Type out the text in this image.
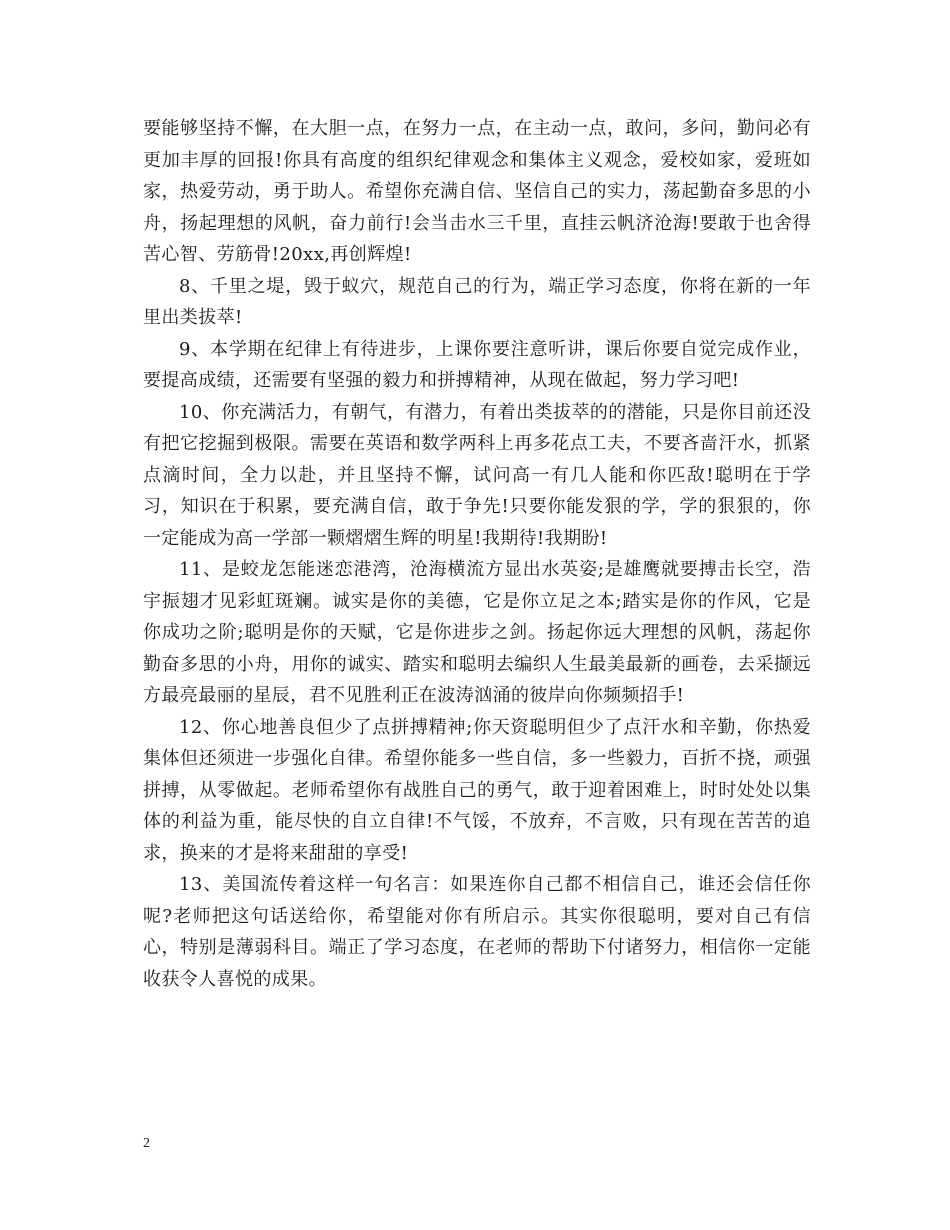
要能够坚持不懈，在大胆一点，在努力一点，在主动一点，敢问，多问，勤问必有更加丰厚的回报!你具有高度的组织纪律观念和集体主义观念，爱校如家，爱班如家，热爱劳动，勇于助人。希望你充满自信、坚信自己的实力，荡起勤奋多思的小舟，扬起理想的风帆，奋力前行!会当击水三千里，直挂云帆济沧海!要敢于也舍得苦心智、劳筋骨!20xx,再创辉煌!

8、千里之堤，毁于蚁穴，规范自己的行为，端正学习态度，你将在新的一年里出类拔萃!

9、本学期在纪律上有待进步，上课你要注意听讲，课后你要自觉完成作业，要提高成绩，还需要有坚强的毅力和拼搏精神，从现在做起，努力学习吧!

10、你充满活力，有朝气，有潜力，有着出类拔萃的的潜能，只是你目前还没有把它挖掘到极限。需要在英语和数学两科上再多花点工夫，不要吝啬汗水，抓紧点滴时间，全力以赴，并且坚持不懈，试问高一有几人能和你匹敌!聪明在于学习，知识在于积累，要充满自信，敢于争先!只要你能发狠的学，学的狠狠的，你一定能成为高一学部一颗熠熠生辉的明星!我期待!我期盼!

11、是蛟龙怎能迷恋港湾，沧海横流方显出水英姿;是雄鹰就要搏击长空，浩宇振翅才见彩虹斑斓。诚实是你的美德，它是你立足之本;踏实是你的作风，它是你成功之阶;聪明是你的天赋，它是你进步之剑。扬起你远大理想的风帆，荡起你勤奋多思的小舟，用你的诚实、踏实和聪明去编织人生最美最新的画卷，去采撷远方最亮最丽的星辰，君不见胜利正在波涛汹涌的彼岸向你频频招手!

12、你心地善良但少了点拼搏精神;你天资聪明但少了点汗水和辛勤，你热爱集体但还须进一步强化自律。希望你能多一些自信，多一些毅力，百折不挠，顽强拼搏，从零做起。老师希望你有战胜自己的勇气，敢于迎着困难上，时时处处以集体的利益为重，能尽快的自立自律!不气馁，不放弃，不言败，只有现在苦苦的追求，换来的才是将来甜甜的享受!

13、美国流传着这样一句名言：如果连你自己都不相信自己，谁还会信任你呢?老师把这句话送给你，希望能对你有所启示。其实你很聪明，要对自己有信心，特别是薄弱科目。端正了学习态度，在老师的帮助下付诸努力，相信你一定能收获令人喜悦的成果。

2
